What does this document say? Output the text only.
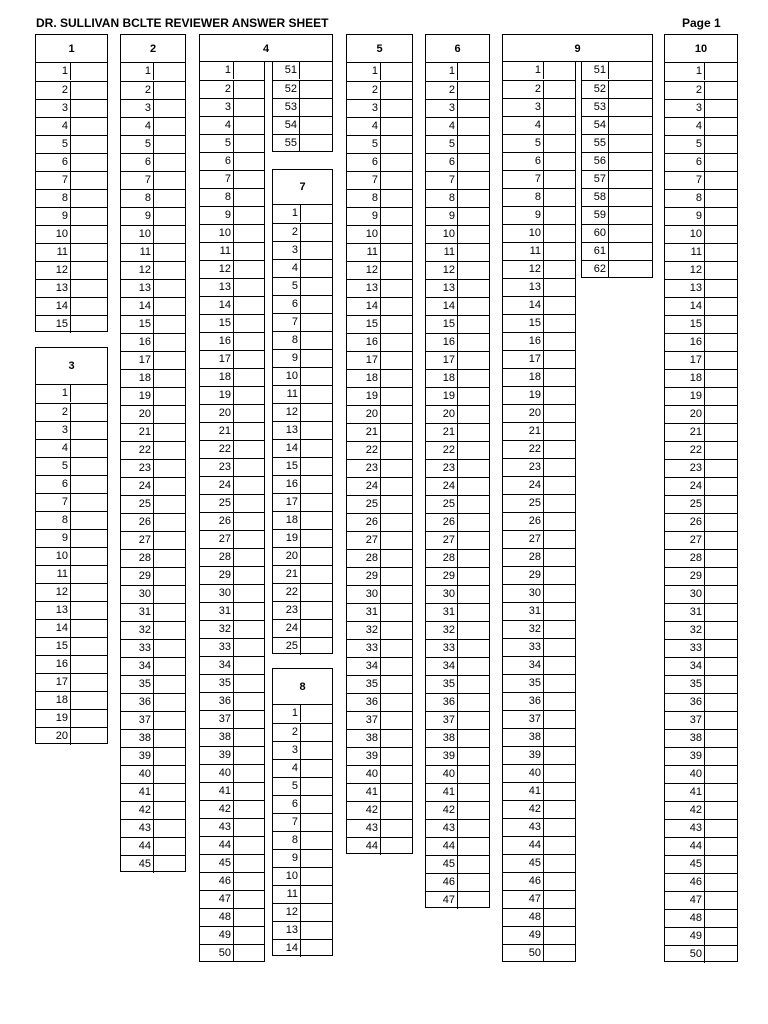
DR. SULLIVAN BCLTE REVIEWER ANSWER SHEET	Page 1
1
1
2
3
4
5
6
7
8
9
10
11
12
13
14
15
2
1
2
3
4
5
6
7
8
9
10
11
12
13
14
15
16
17
18
19
20
21
22
23
24
25
26
27
28
29
30
31
32
33
34
35
36
37
38
39
40
41
42
43
44
45
3
1
2
3
4
5
6
7
8
9
10
11
12
13
14
15
16
17
18
19
20
4
1
2
3
4
5
6
7
8
9
10
11
12
13
14
15
16
17
18
19
20
21
22
23
24
25
26
27
28
29
30
31
32
33
34
35
36
37
38
39
40
41
42
43
44
45
46
47
48
49
50
51
52
53
54
55
5
1
2
3
4
5
6
7
8
9
10
11
12
13
14
15
16
17
18
19
20
21
22
23
24
25
26
27
28
29
30
31
32
33
34
35
36
37
38
39
40
41
42
43
44
6
1
2
3
4
5
6
7
8
9
10
11
12
13
14
15
16
17
18
19
20
21
22
23
24
25
26
27
28
29
30
31
32
33
34
35
36
37
38
39
40
41
42
43
44
45
46
47
7
1
2
3
4
5
6
7
8
9
10
11
12
13
14
15
16
17
18
19
20
21
22
23
24
25
8
1
2
3
4
5
6
7
8
9
10
11
12
13
14
9
1
2
3
4
5
6
7
8
9
10
11
12
13
14
15
16
17
18
19
20
21
22
23
24
25
26
27
28
29
30
31
32
33
34
35
36
37
38
39
40
41
42
43
44
45
46
47
48
49
50
51
52
53
54
55
56
57
58
59
60
61
62
10
1
2
3
4
5
6
7
8
9
10
11
12
13
14
15
16
17
18
19
20
21
22
23
24
25
26
27
28
29
30
31
32
33
34
35
36
37
38
39
40
41
42
43
44
45
46
47
48
49
50
